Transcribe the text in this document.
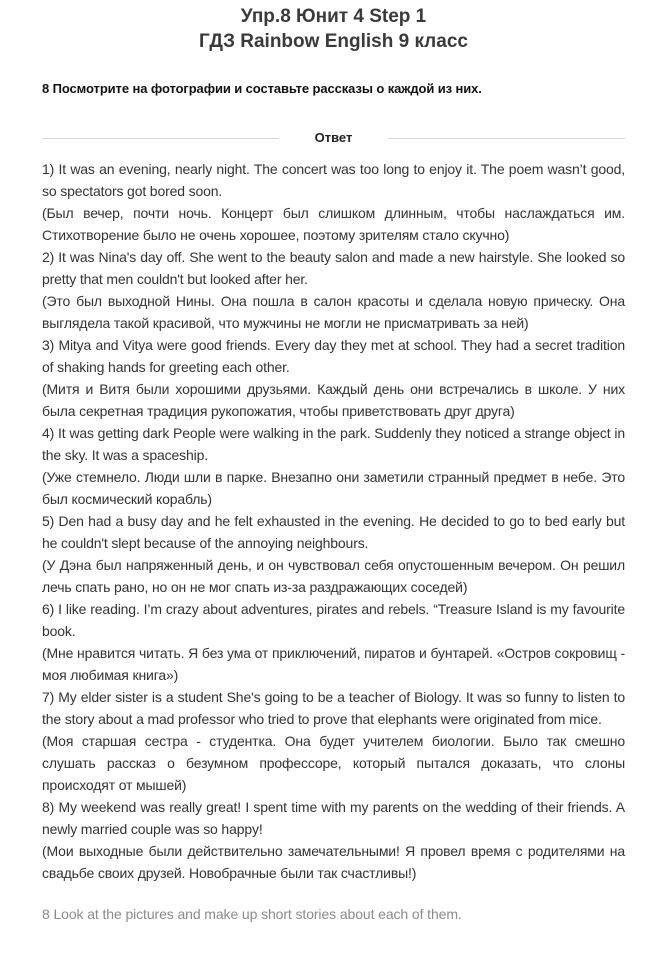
Упр.8 Юнит 4 Step 1
ГДЗ Rainbow English 9 класс
8 Посмотрите на фотографии и составьте рассказы о каждой из них.
Ответ

1) It was an evening, nearly night. The concert was too long to enjoy it. The poem wasn’t good, so spectators got bored soon.

(Был вечер, почти ночь. Концерт был слишком длинным, чтобы наслаждаться им. Стихотворение было не очень хорошее, поэтому зрителям стало скучно)

2) It was Nina's day off. She went to the beauty salon and made a new hairstyle. She looked so pretty that men couldn't but looked after her.

(Это был выходной Нины. Она пошла в салон красоты и сделала новую прическу. Она выглядела такой красивой, что мужчины не могли не присматривать за ней)

3) Mitya and Vitya were good friends. Every day they met at school. They had a secret tradition of shaking hands for greeting each other.

(Митя и Витя были хорошими друзьями. Каждый день они встречались в школе. У них была секретная традиция рукопожатия, чтобы приветствовать друг друга)

4) It was getting dark People were walking in the park. Suddenly they noticed a strange object in the sky. It was a spaceship.

(Уже стемнело. Люди шли в парке. Внезапно они заметили странный предмет в небе. Это был космический корабль)

5) Den had a busy day and he felt exhausted in the evening. He decided to go to bed early but he couldn't slept because of the annoying neighbours.

(У Дэна был напряженный день, и он чувствовал себя опустошенным вечером. Он решил лечь спать рано, но он не мог спать из-за раздражающих соседей)

6) I like reading. I’m crazy about adventures, pirates and rebels. “Treasure Island is my favourite book.

(Мне нравится читать. Я без ума от приключений, пиратов и бунтарей. «Остров сокровищ - моя любимая книга»)

7) My elder sister is a student She's going to be a teacher of Biology. It was so funny to listen to the story about a mad professor who tried to prove that elephants were originated from mice.

(Моя старшая сестра - студентка. Она будет учителем биологии. Было так смешно слушать рассказ о безумном профессоре, который пытался доказать, что слоны происходят от мышей)

8) My weekend was really great! I spent time with my parents on the wedding of their friends. A newly married couple was so happy!

(Мои выходные были действительно замечательными! Я провел время с родителями на свадьбе своих друзей. Новобрачные были так счастливы!)

8 Look at the pictures and make up short stories about each of them.
